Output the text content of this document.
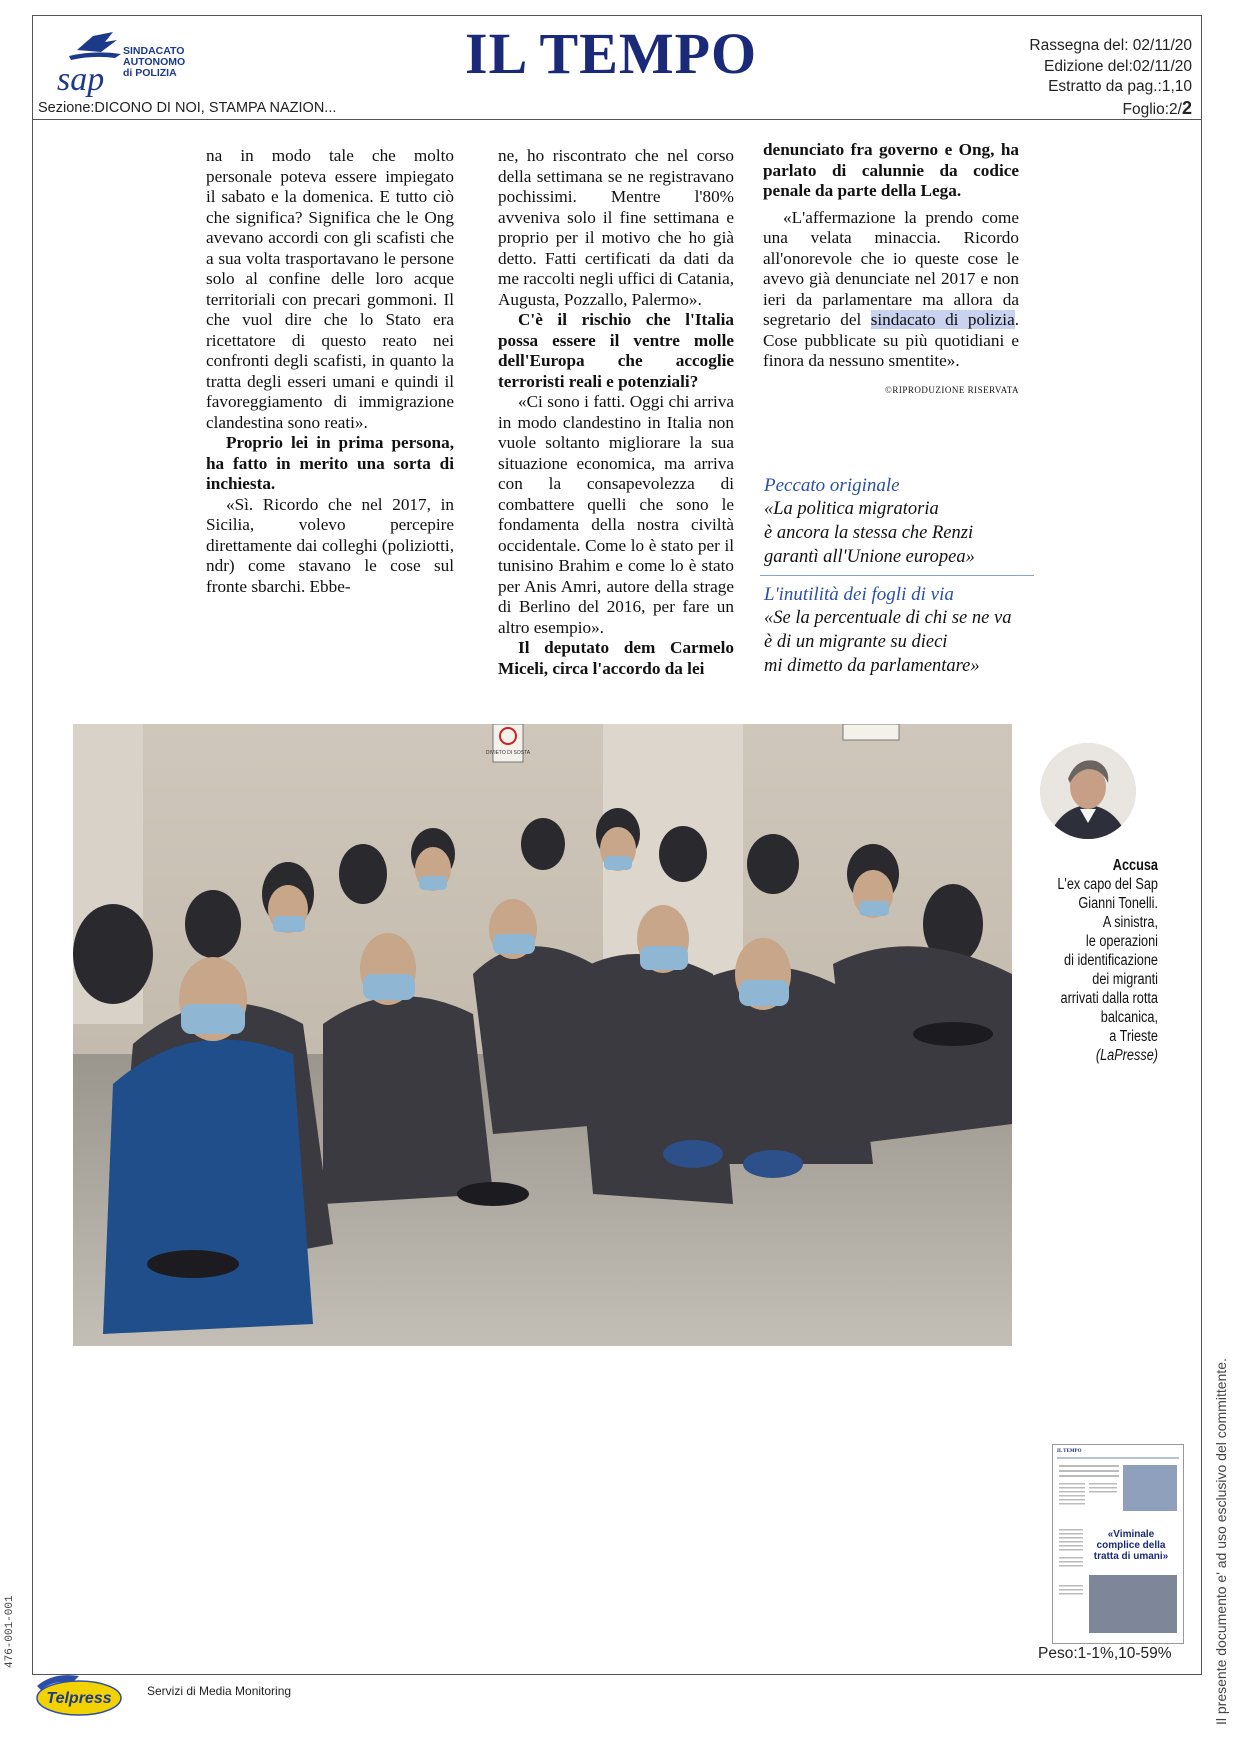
sap
SINDACATO
AUTONOMO
di POLIZIA	IL TEMPO	Rassegna del: 02/11/20
Edizione del:02/11/20
Estratto da pag.:1,10
Foglio:2/2
Sezione:DICONO DI NOI, STAMPA NAZION...

na in modo tale che molto personale poteva essere impiegato il sabato e la domenica. E tutto ciò che significa? Significa che le Ong avevano accordi con gli scafisti che a sua volta trasportavano le persone solo al confine delle loro acque territoriali con precari gommoni. Il che vuol dire che lo Stato era ricettatore di questo reato nei confronti degli scafisti, in quanto la tratta degli esseri umani e quindi il favoreggiamento di immigrazione clandestina sono reati».

Proprio lei in prima persona, ha fatto in merito una sorta di inchiesta.

«Sì. Ricordo che nel 2017, in Sicilia, volevo percepire direttamente dai colleghi (poliziotti, ndr) come stavano le cose sul fronte sbarchi. Ebbe-

ne, ho riscontrato che nel corso della settimana se ne registravano pochissimi. Mentre l'80% avveniva solo il fine settimana e proprio per il motivo che ho già detto. Fatti certificati da dati da me raccolti negli uffici di Catania, Augusta, Pozzallo, Palermo».

C'è il rischio che l'Italia possa essere il ventre molle dell'Europa che accoglie terroristi reali e potenziali?

«Ci sono i fatti. Oggi chi arriva in modo clandestino in Italia non vuole soltanto migliorare la sua situazione economica, ma arriva con la consapevolezza di combattere quelli che sono le fondamenta della nostra civiltà occidentale. Come lo è stato per il tunisino Brahim e come lo è stato per Anis Amri, autore della strage di Berlino del 2016, per fare un altro esempio».

Il deputato dem Carmelo Miceli, circa l'accordo da lei

denunciato fra governo e Ong, ha parlato di calunnie da codice penale da parte della Lega.

«L'affermazione la prendo come una velata minaccia. Ricordo all'onorevole che io queste cose le avevo già denunciate nel 2017 e non ieri da parlamentare ma allora da segretario del sindacato di polizia. Cose pubblicate su più quotidiani e finora da nessuno smentite».

©RIPRODUZIONE RISERVATA
Peccato originale
«La politica migratoria
è ancora la stessa che Renzi
garantì all'Unione europea»
L'inutilità dei fogli di via
«Se la percentuale di chi se ne va
è di un migrante su dieci
mi dimetto da parlamentare»
DIVIETO DI SOSTA
Accusa
L'ex capo del Sap
Gianni Tonelli.
A sinistra,
le operazioni
di identificazione
dei migranti
arrivati dalla rotta
balcanica,
a Trieste
(LaPresse)
Il presente documento e' ad uso esclusivo del committente.
476-001-001
IL TEMPO
«Viminale complice della tratta di umani»
Peso:1-1%,10-59%
Telpress	Servizi di Media Monitoring
